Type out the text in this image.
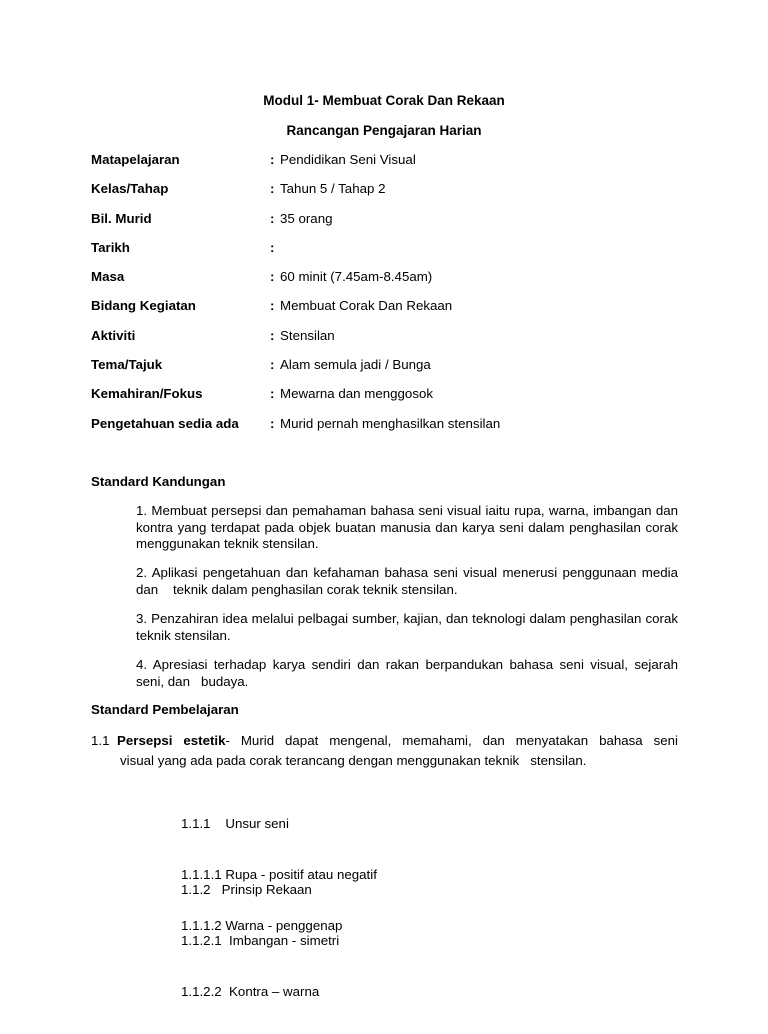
Modul 1- Membuat Corak Dan Rekaan
Rancangan Pengajaran Harian
Matapelajaran	: Pendidikan Seni Visual
Kelas/Tahap	: Tahun 5 / Tahap 2
Bil. Murid	: 35 orang
Tarikh	:
Masa	: 60 minit (7.45am-8.45am)
Bidang Kegiatan	: Membuat Corak Dan Rekaan
Aktiviti	: Stensilan
Tema/Tajuk	: Alam semula jadi / Bunga
Kemahiran/Fokus	: Mewarna dan menggosok
Pengetahuan sedia ada : Murid pernah menghasilkan stensilan
Standard Kandungan
1. Membuat persepsi dan pemahaman bahasa seni visual iaitu rupa, warna, imbangan dan kontra yang terdapat pada objek buatan manusia dan karya seni dalam penghasilan corak menggunakan teknik stensilan.
2. Aplikasi pengetahuan dan kefahaman bahasa seni visual menerusi penggunaan media dan    teknik dalam penghasilan corak teknik stensilan.
3. Penzahiran idea melalui pelbagai sumber, kajian, dan teknologi dalam penghasilan corak teknik stensilan.
4. Apresiasi terhadap karya sendiri dan rakan berpandukan bahasa seni visual, sejarah seni, dan   budaya.
Standard Pembelajaran
1.1 Persepsi estetik- Murid dapat mengenal, memahami, dan menyatakan bahasa seni
visual yang ada pada corak terancang dengan menggunakan teknik   stensilan.

1.1.1    Unsur seni

1.1.1.1 Rupa - positif atau negatif

1.1.1.2 Warna - penggenap

1.1.2   Prinsip Rekaan

1.1.2.1  Imbangan - simetri

1.1.2.2  Kontra – warna
